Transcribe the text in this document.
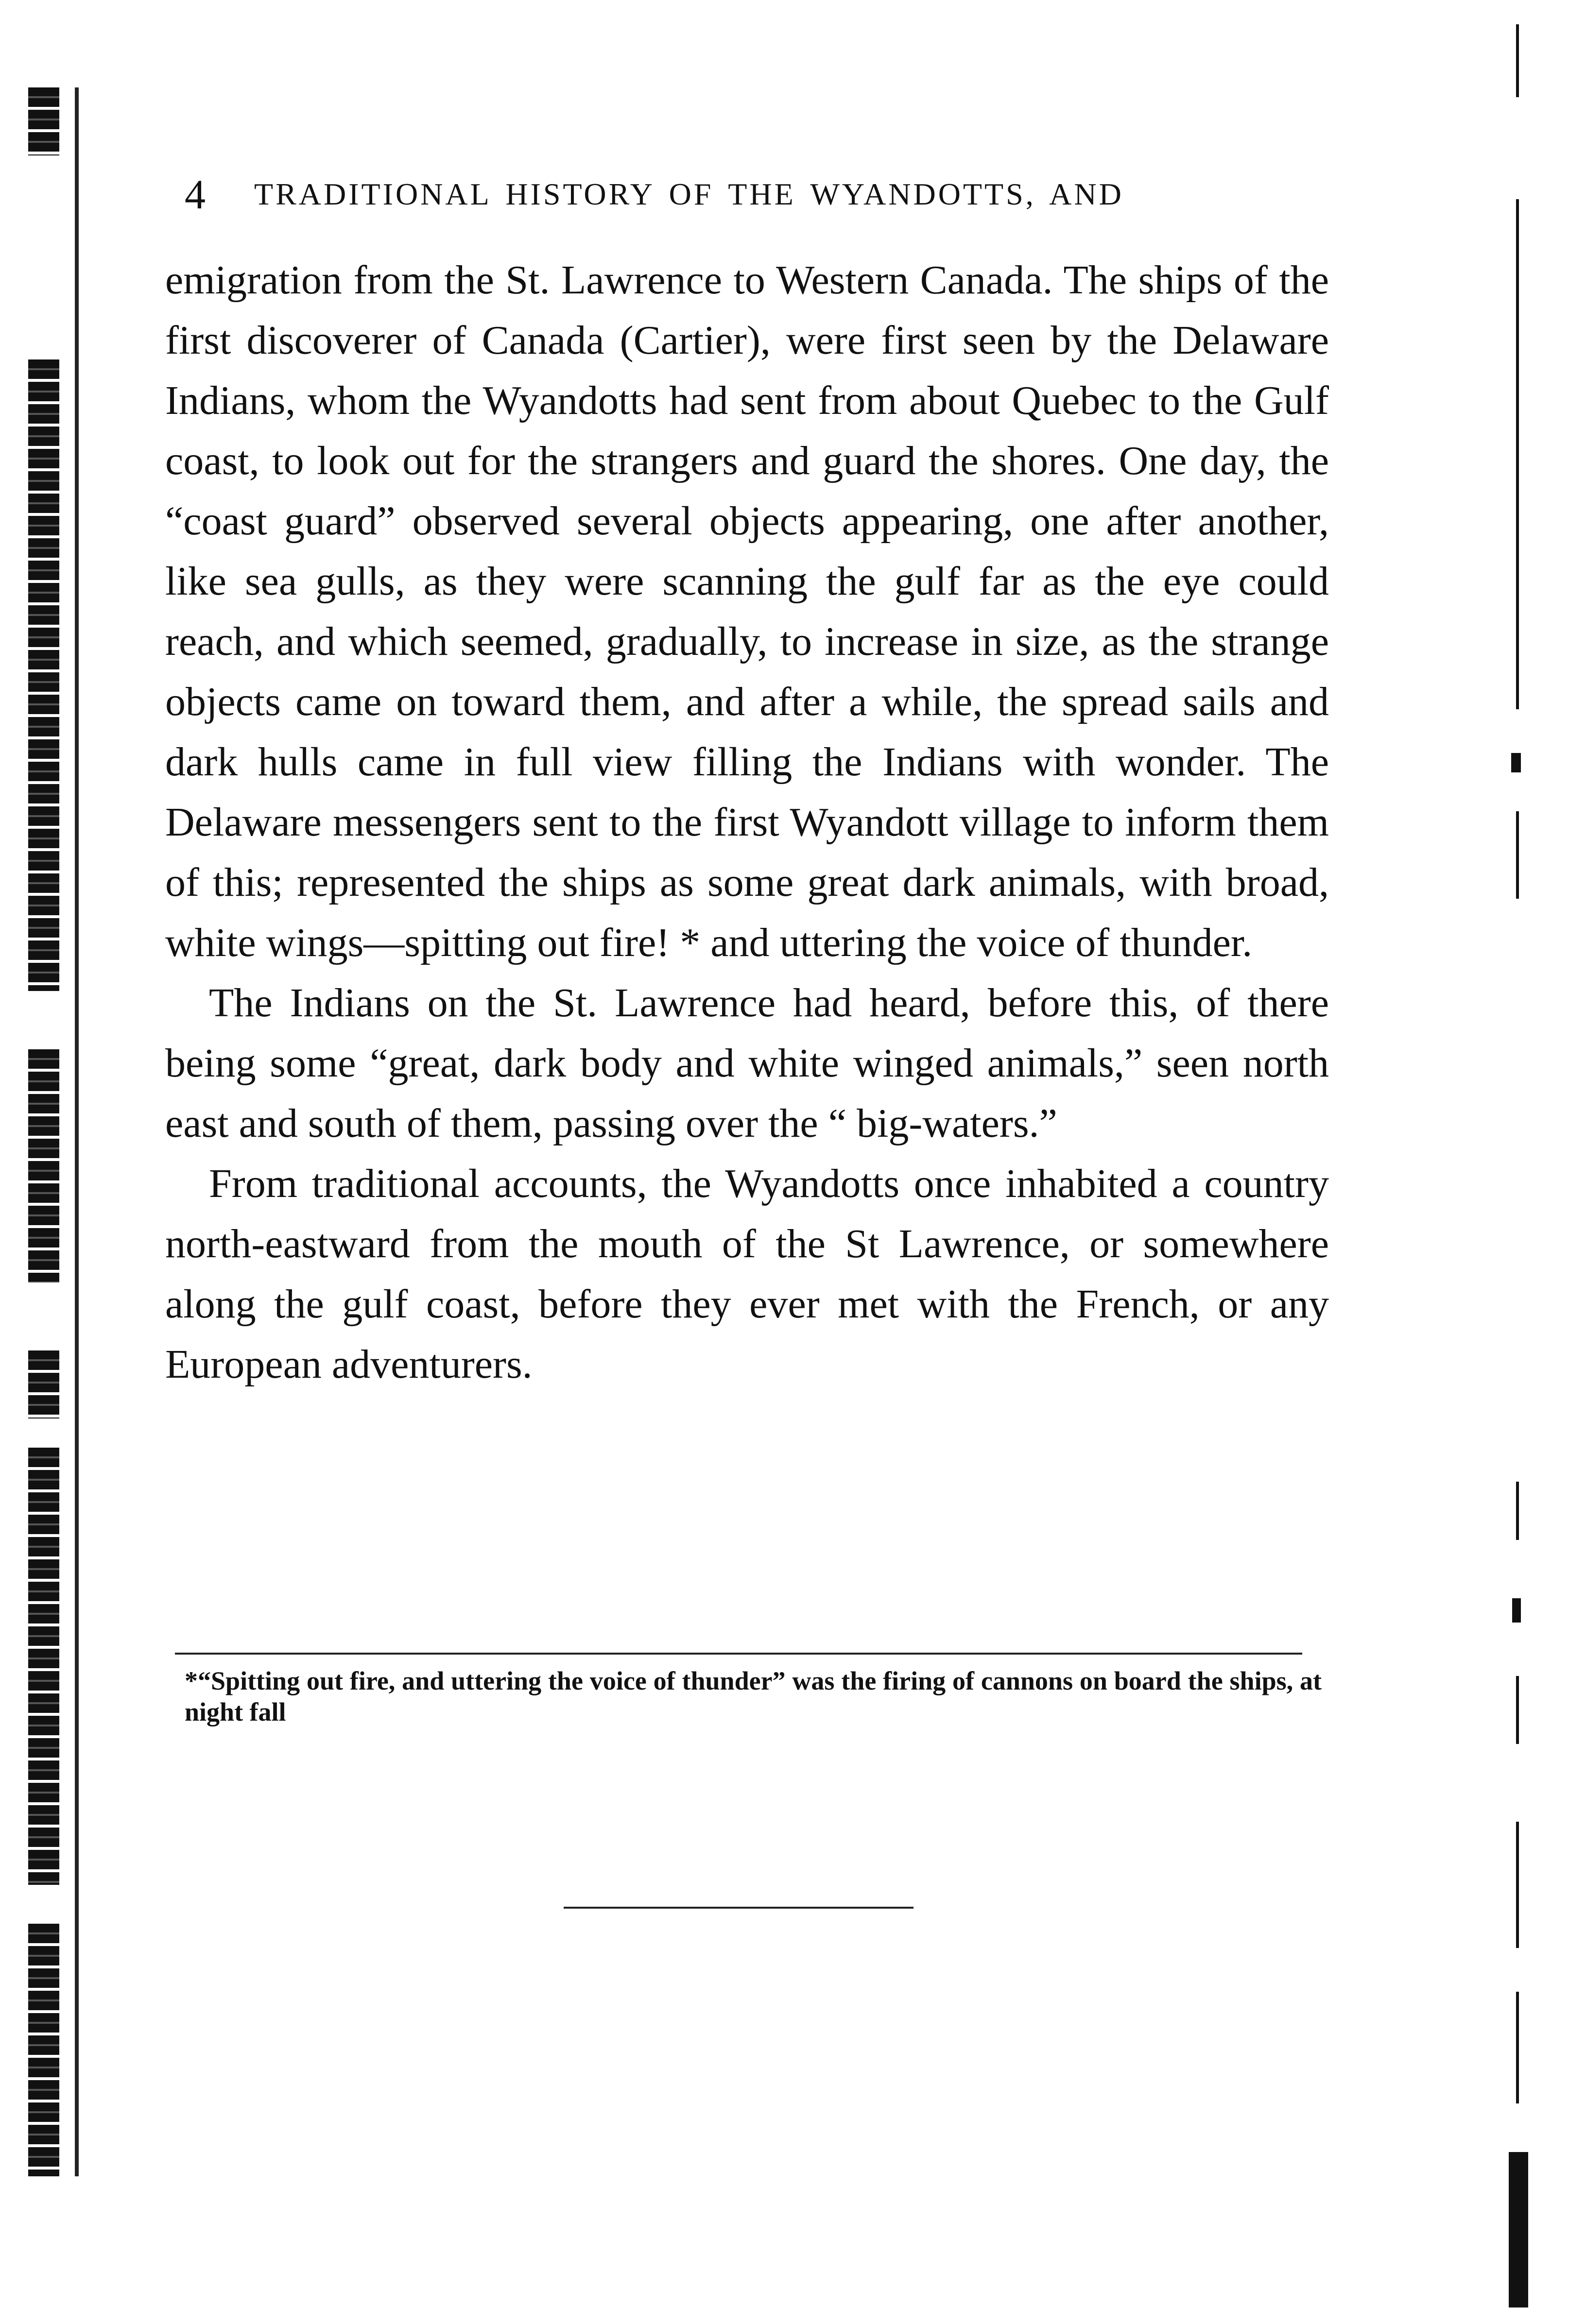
4 TRADITIONAL HISTORY OF THE WYANDOTTS, AND

emigration from the St. Lawrence to Western Canada. The ships of the first discoverer of Canada (Cartier), were first seen by the Delaware Indians, whom the Wyandotts had sent from about Quebec to the Gulf coast, to look out for the strangers and guard the shores. One day, the “coast guard” observed several objects appearing, one after another, like sea gulls, as they were scanning the gulf far as the eye could reach, and which seemed, gradually, to increase in size, as the strange objects came on toward them, and after a while, the spread sails and dark hulls came in full view filling the Indians with wonder. The Delaware messengers sent to the first Wyandott village to inform them of this; represented the ships as some great dark animals, with broad, white wings—spitting out fire! * and uttering the voice of thunder.

The Indians on the St. Lawrence had heard, before this, of there being some “great, dark body and white winged animals,” seen north east and south of them, passing over the “ big-waters.”

From traditional accounts, the Wyandotts once inhabited a country north-eastward from the mouth of the St Lawrence, or somewhere along the gulf coast, before they ever met with the French, or any European adventurers.

*“Spitting out fire, and uttering the voice of thunder” was the firing of cannons on board the ships, at night fall
